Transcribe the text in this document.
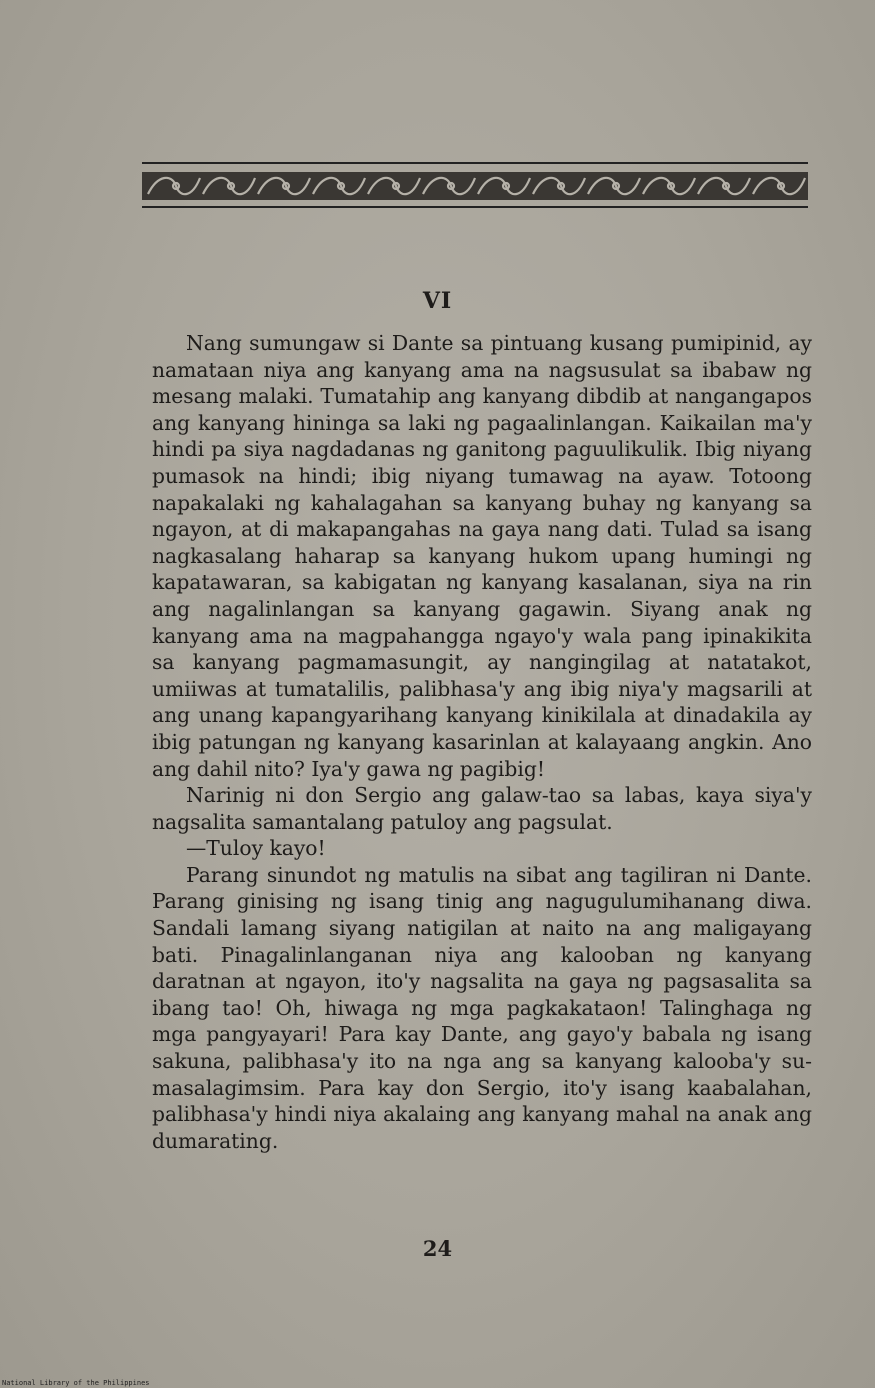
VI

Nang sumungaw si Dante sa pintuang kusang pumipinid, ay namataan niya ang kanyang ama na nagsusulat sa ibabaw ng mesang malaki. Tumatahip ang kanyang dibdib at nangangapos ang kanyang hininga sa laki ng pagaalinlangan. Kaikailan ma'y hindi pa siya nagdadanas ng ganitong paguulikulik. Ibig niyang pumasok na hindi; ibig niyang tumawag na ayaw. Totoong napakalaki ng kahalagahan sa kanyang buhay ng kanyang sa ngayon, at di makapangahas na gaya nang dati. Tulad sa isang nagkasalang haharap sa kanyang hukom upang humingi ng kapatawaran, sa kabigatan ng kanyang kasalanan, siya na rin ang nagalinlangan sa kanyang gagawin. Siyang anak ng kanyang ama na magpahangga ngayo'y wala pang ipinakikita sa kanyang pagmamasungit, ay nangingilag at natatakot, umiiwas at tumatalilis, palibhasa'y ang ibig niya'y magsarili at ang unang kapangyarihang kanyang kinikilala at dinadakila ay ibig patungan ng kanyang kasarinlan at kalayaang angkin. Ano ang dahil nito? Iya'y gawa ng pagibig!

Narinig ni don Sergio ang galaw-tao sa labas, kaya siya'y nagsalita samantalang patuloy ang pagsulat.

—Tuloy kayo!

Parang sinundot ng matulis na sibat ang tagiliran ni Dante. Parang ginising ng isang tinig ang nagugulumihanang diwa. Sandali lamang siyang natigilan at naito na ang maligayang bati. Pinagalinlanganan niya ang kalooban ng kanyang daratnan at ngayon, ito'y nagsalita na gaya ng pagsasalita sa ibang tao! Oh, hiwaga ng mga pagkakataon! Talinghaga ng mga pangyayari! Para kay Dante, ang gayo'y babala ng isang sakuna, palibhasa'y ito na nga ang sa kanyang kalooba'y sumasalagimsim. Para kay don Sergio, ito'y isang kaabalahan, palibhasa'y hindi niya akalaing ang kanyang mahal na anak ang dumarating.

24
National Library of the Philippines
